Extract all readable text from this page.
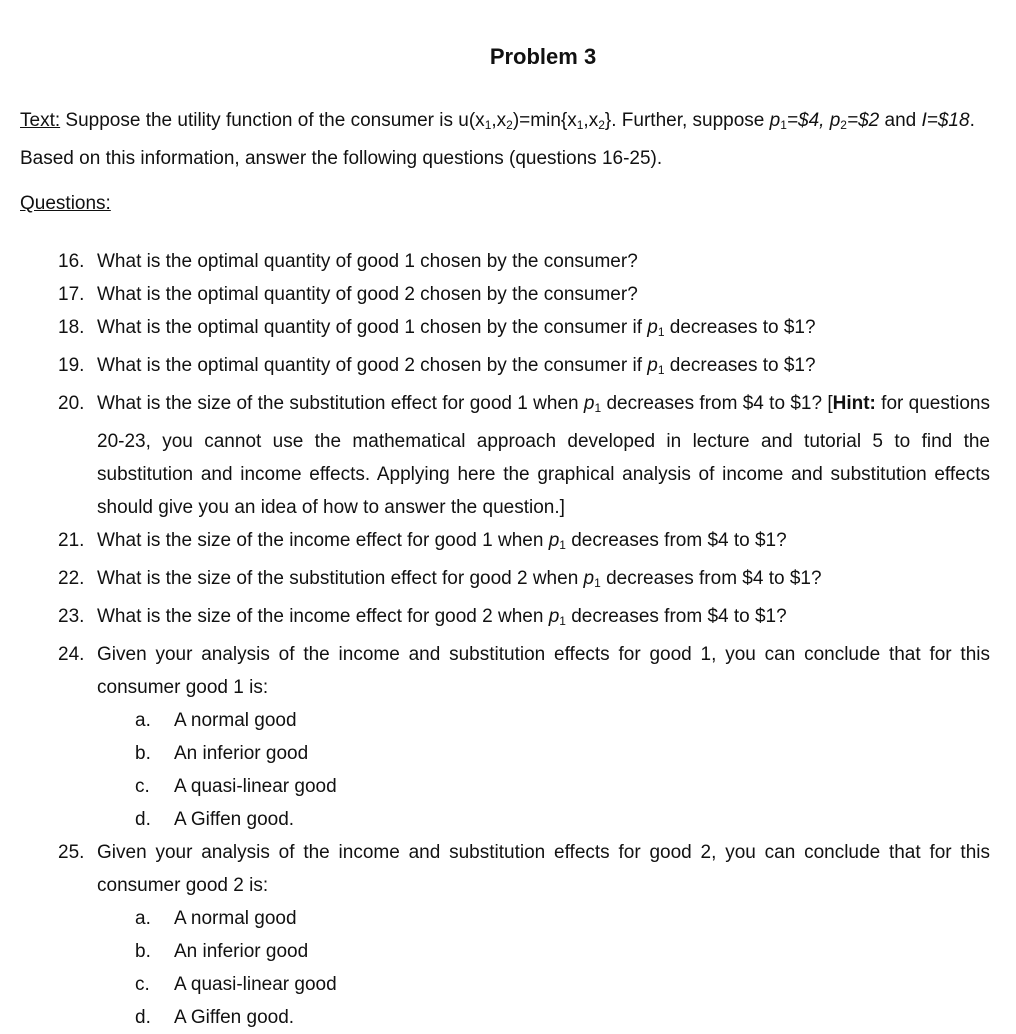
Problem 3

Text: Suppose the utility function of the consumer is $u(x_1,x_2)=\min\{x_1,x_2\}$. Further, suppose $p_1=\$4$, $p_2=\$2$ and I=$18. Based on this information, answer the following questions (questions 16-25).

Questions:

16. What is the optimal quantity of good 1 chosen by the consumer?
17. What is the optimal quantity of good 2 chosen by the consumer?
18. What is the optimal quantity of good 1 chosen by the consumer if $p_1$ decreases to $1?
19. What is the optimal quantity of good 2 chosen by the consumer if $p_1$ decreases to $1?
20. What is the size of the substitution effect for good 1 when $p_1$ decreases from $4 to $1? [Hint: for questions 20-23, you cannot use the mathematical approach developed in lecture and tutorial 5 to find the substitution and income effects. Applying here the graphical analysis of income and substitution effects should give you an idea of how to answer the question.]
21. What is the size of the income effect for good 1 when $p_1$ decreases from $4 to $1?
22. What is the size of the substitution effect for good 2 when $p_1$ decreases from $4 to $1?
23. What is the size of the income effect for good 2 when $p_1$ decreases from $4 to $1?
24. Given your analysis of the income and substitution effects for good 1, you can conclude that for this consumer good 1 is:
a. A normal good
b. An inferior good
c. A quasi-linear good
d. A Giffen good.
25. Given your analysis of the income and substitution effects for good 2, you can conclude that for this consumer good 2 is:
a. A normal good
b. An inferior good
c. A quasi-linear good
d. A Giffen good.
